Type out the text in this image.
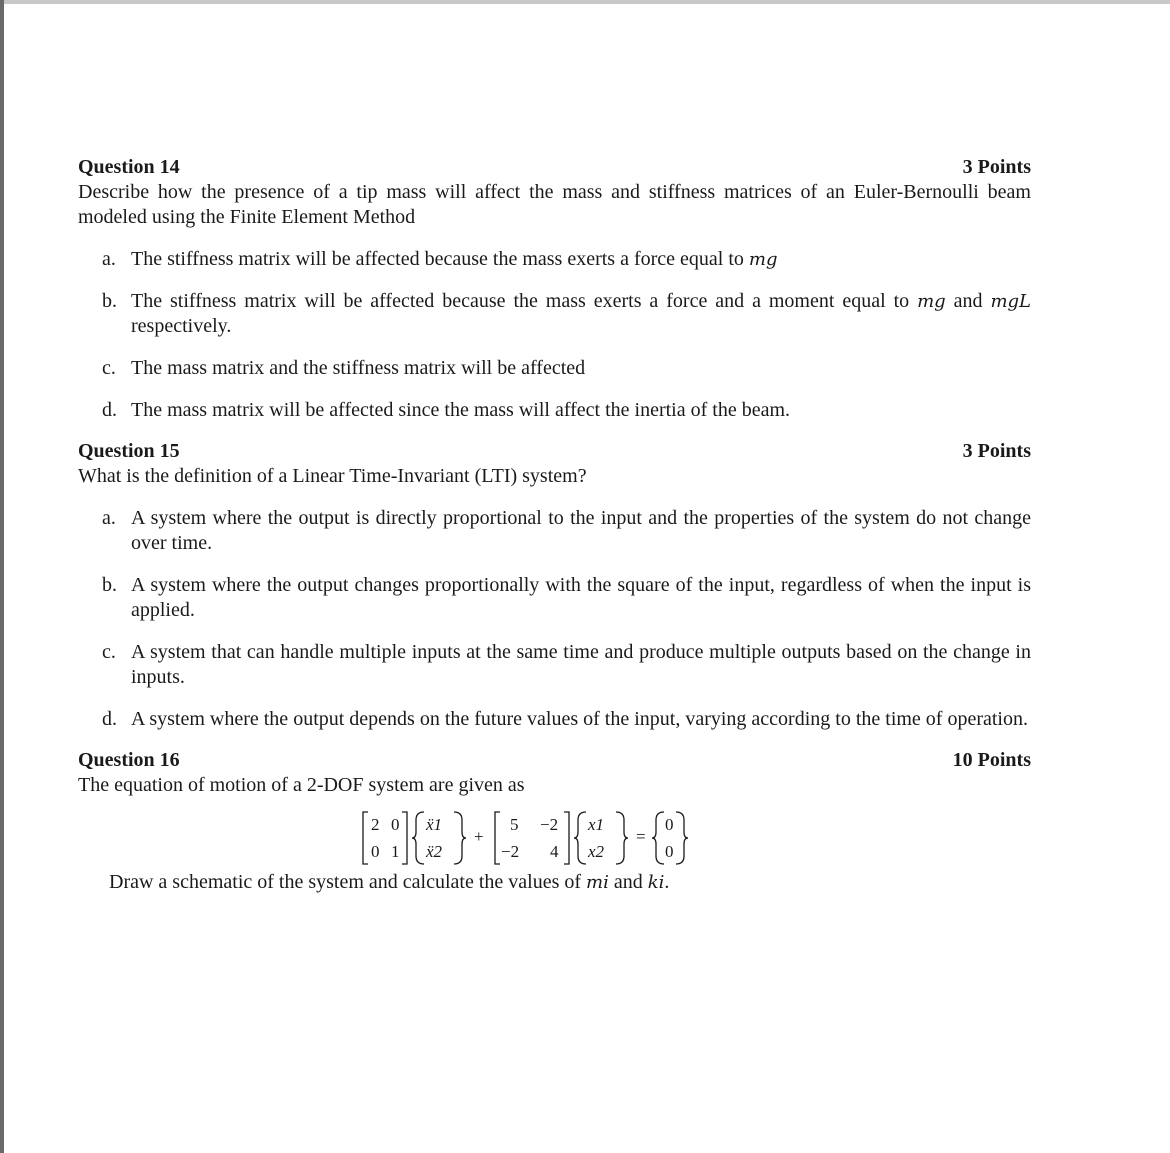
Question 14	3 Points
Describe how the presence of a tip mass will affect the mass and stiffness matrices of an Euler-Bernoulli beam modeled using the Finite Element Method
a. The stiffness matrix will be affected because the mass exerts a force equal to mg
b. The stiffness matrix will be affected because the mass exerts a force and a moment equal to mg and mgL respectively.
c. The mass matrix and the stiffness matrix will be affected
d. The mass matrix will be affected since the mass will affect the inertia of the beam.
Question 15	3 Points
What is the definition of a Linear Time-Invariant (LTI) system?
a. A system where the output is directly proportional to the input and the properties of the system do not change over time.
b. A system where the output changes proportionally with the square of the input, regardless of when the input is applied.
c. A system that can handle multiple inputs at the same time and produce multiple outputs based on the change in inputs.
d. A system where the output depends on the future values of the input, varying according to the time of operation.
Question 16	10 Points
The equation of motion of a 2-DOF system are given as
2 0
0 1
ẍ1
ẍ2
+
5 −2
−2 4
x1
x2
=
0
0
Draw a schematic of the system and calculate the values of mi and ki.
